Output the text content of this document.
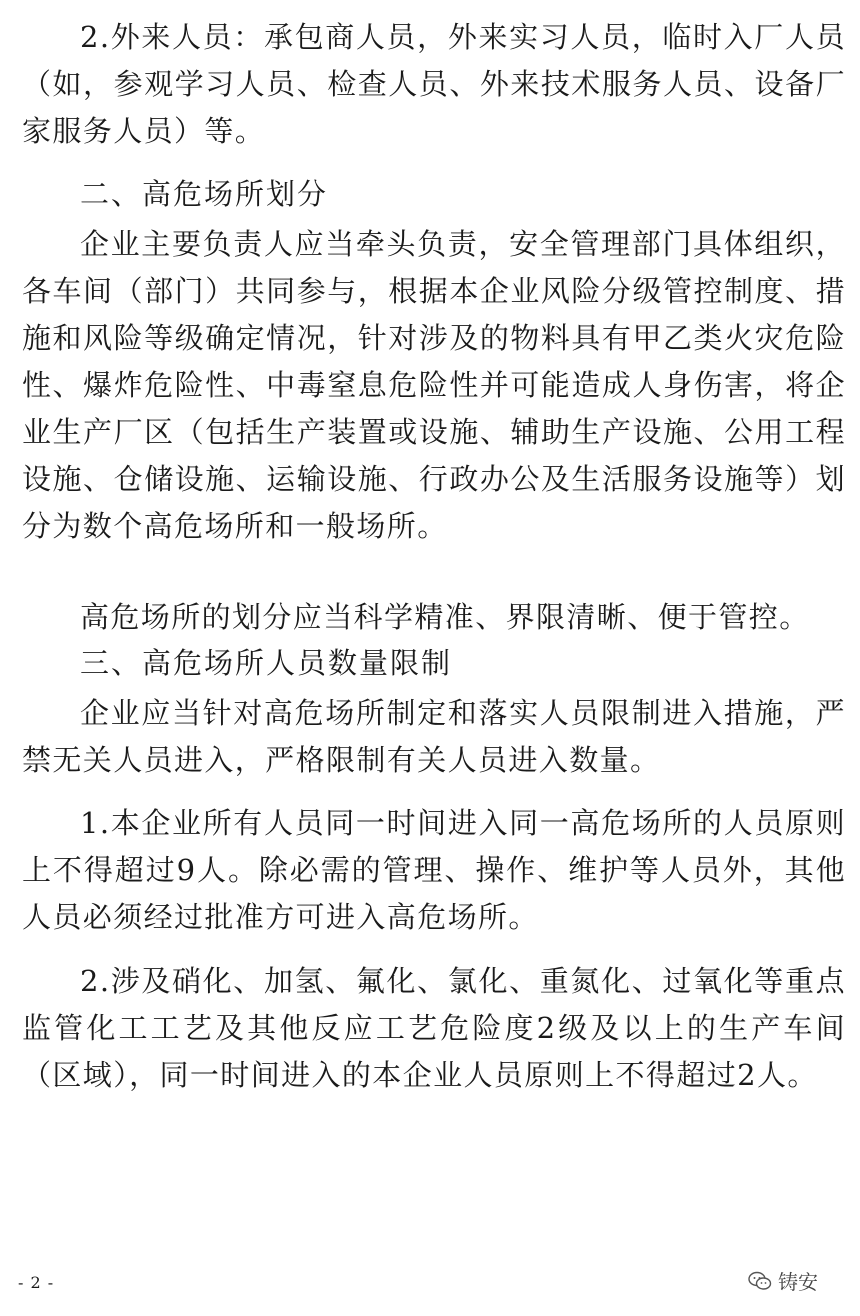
2.外来人员：承包商人员，外来实习人员，临时入厂人员（如，参观学习人员、检查人员、外来技术服务人员、设备厂家服务人员）等。

二、高危场所划分

企业主要负责人应当牵头负责，安全管理部门具体组织，各车间（部门）共同参与，根据本企业风险分级管控制度、措施和风险等级确定情况，针对涉及的物料具有甲乙类火灾危险性、爆炸危险性、中毒窒息危险性并可能造成人身伤害，将企业生产厂区（包括生产装置或设施、辅助生产设施、公用工程设施、仓储设施、运输设施、行政办公及生活服务设施等）划分为数个高危场所和一般场所。

高危场所的划分应当科学精准、界限清晰、便于管控。

三、高危场所人员数量限制

企业应当针对高危场所制定和落实人员限制进入措施，严禁无关人员进入，严格限制有关人员进入数量。

1.本企业所有人员同一时间进入同一高危场所的人员原则上不得超过9人。除必需的管理、操作、维护等人员外，其他人员必须经过批准方可进入高危场所。

2.涉及硝化、加氢、氟化、氯化、重氮化、过氧化等重点监管化工工艺及其他反应工艺危险度2级及以上的生产车间（区域），同一时间进入的本企业人员原则上不得超过2人。

- 2 -	铸安
